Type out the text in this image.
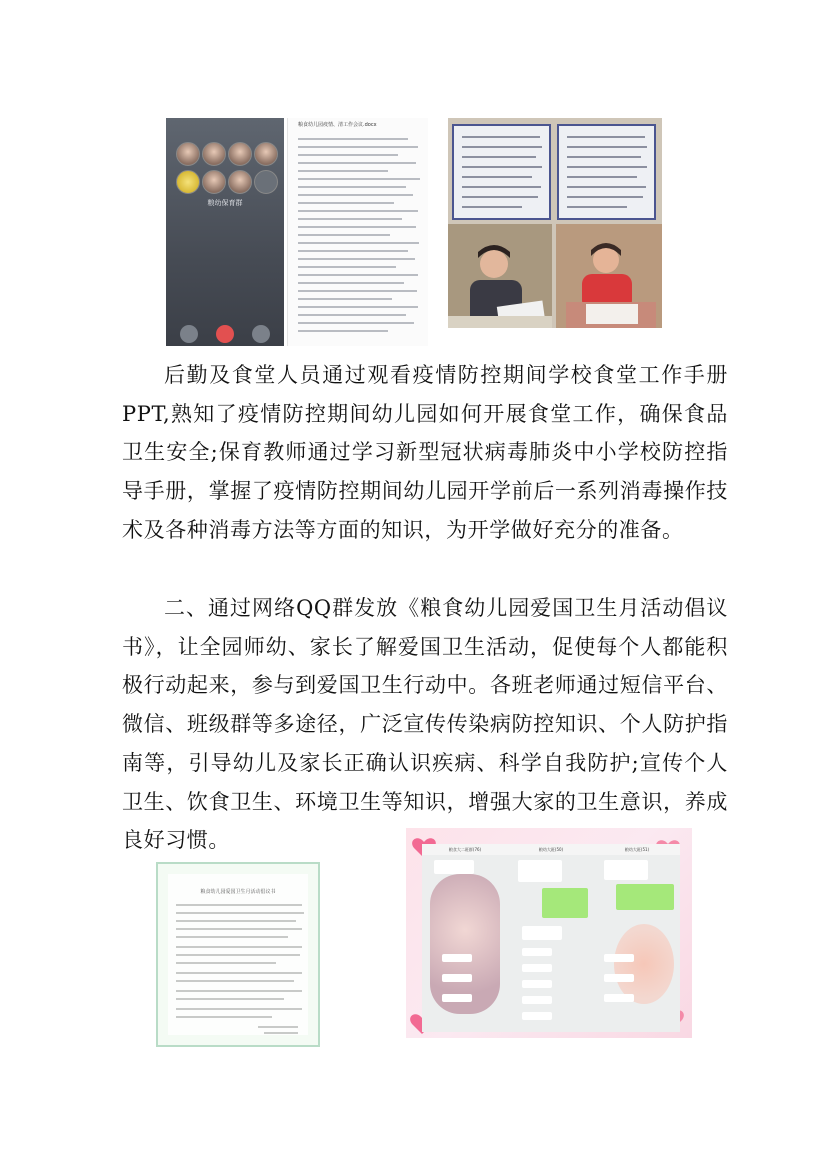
粮幼保育群
粮食幼儿园疫情、清工作会议.docx

后勤及食堂人员通过观看疫情防控期间学校食堂工作手册PPT,熟知了疫情防控期间幼儿园如何开展食堂工作，确保食品卫生安全;保育教师通过学习新型冠状病毒肺炎中小学校防控指导手册，掌握了疫情防控期间幼儿园开学前后一系列消毒操作技术及各种消毒方法等方面的知识，为开学做好充分的准备。

二、通过网络QQ群发放《粮食幼儿园爱国卫生月活动倡议书》，让全园师幼、家长了解爱国卫生活动，促使每个人都能积极行动起来，参与到爱国卫生行动中。各班老师通过短信平台、微信、班级群等多途径，广泛宣传传染病防控知识、个人防护指南等，引导幼儿及家长正确认识疾病、科学自我防护;宣传个人卫生、饮食卫生、环境卫生等知识，增强大家的卫生意识，养成良好习惯。

粮食幼儿园爱国卫生月活动倡议书
粮食大二班群(76)	粮幼大班(50)	粮幼大班(51)
